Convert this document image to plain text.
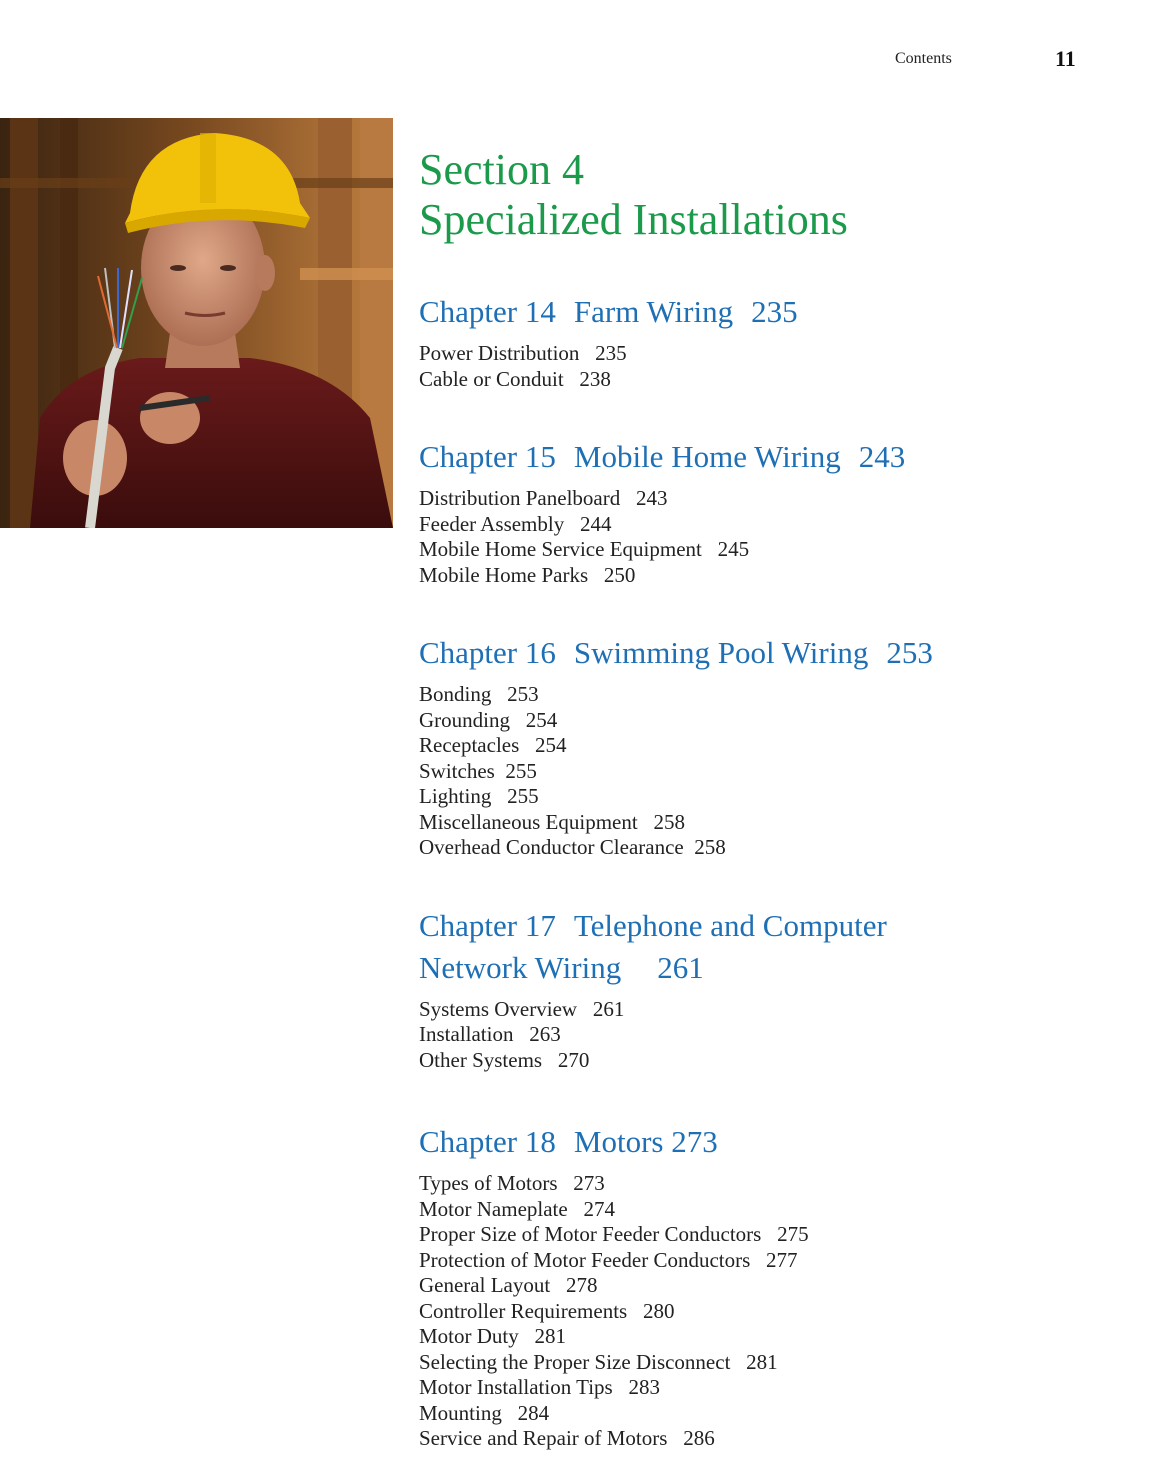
Contents	11
Section 4
Specialized Installations
Chapter 14 Farm Wiring 235
Power Distribution 235
Cable or Conduit 238
Chapter 15 Mobile Home Wiring 243
Distribution Panelboard 243
Feeder Assembly 244
Mobile Home Service Equipment 245
Mobile Home Parks 250
Chapter 16 Swimming Pool Wiring 253
Bonding 253
Grounding 254
Receptacles 254
Switches 255
Lighting 255
Miscellaneous Equipment 258
Overhead Conductor Clearance 258
Chapter 17 Telephone and Computer
Network Wiring 261
Systems Overview 261
Installation 263
Other Systems 270
Chapter 18 Motors 273
Types of Motors 273
Motor Nameplate 274
Proper Size of Motor Feeder Conductors 275
Protection of Motor Feeder Conductors 277
General Layout 278
Controller Requirements 280
Motor Duty 281
Selecting the Proper Size Disconnect 281
Motor Installation Tips 283
Mounting 284
Service and Repair of Motors 286
